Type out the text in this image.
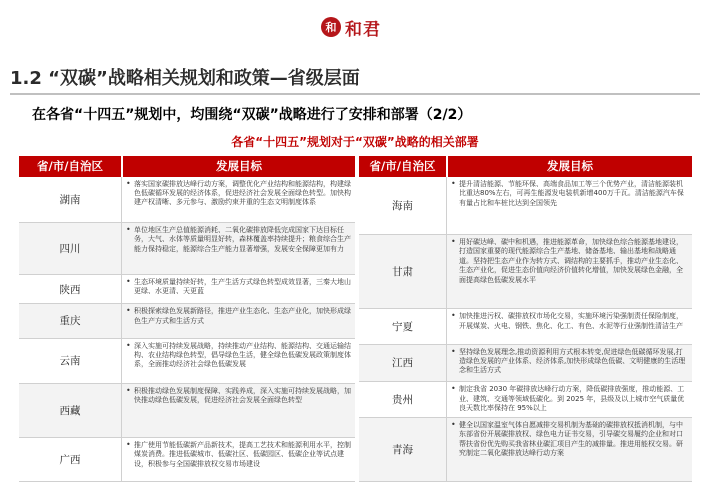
和 和君
1.2 “双碳”战略相关规划和政策—省级层面
在各省“十四五”规划中，均围绕“双碳”战略进行了安排和部署（2/2）
各省“十四五”规划对于“双碳”战略的相关部署
省/市/自治区	发展目标
湖南
• 落实国家碳排放达峰行动方案，调整优化产业结构和能源结构，构建绿色低碳循环发展的经济体系，促进经济社会发展全面绿色转型。加快构建产权清晰、多元参与、激励约束并重的生态文明制度体系
四川
• 单位地区生产总值能源消耗、二氧化碳排放降低完成国家下达目标任务，大气、水体等质量明显好转，森林覆盖率持续提升；粮食综合生产能力保持稳定，能源综合生产能力显著增强，发展安全保障更加有力
陕西
• 生态环境质量持续好转，生产生活方式绿色转型成效显著，三秦大地山更绿、水更清、天更蓝
重庆
• 积极探索绿色发展新路径，推进产业生态化、生态产业化，加快形成绿色生产方式和生活方式
云南
• 深入实施可持续发展战略，持续推动产业结构、能源结构、交通运输结构、农业结构绿色转型，倡导绿色生活，健全绿色低碳发展政策制度体系，全面推动经济社会绿色低碳发展
西藏
• 积极推动绿色发展制度保障、实践养成，深入实施可持续发展战略，加快推动绿色低碳发展，促进经济社会发展全面绿色转型
广西
• 推广使用节能低碳新产品新技术，提高工艺技术和能源利用水平，控制煤炭消费。推进低碳城市、低碳社区、低碳园区、低碳企业等试点建设，积极参与全国碳排放权交易市场建设
省/市/自治区	发展目标
海南
• 提升清洁能源、节能环保、高端食品加工等三个优势产业，清洁能源装机比重达80%左右，可再生能源发电装机新增400万千瓦。清洁能源汽车保有量占比和车桩比达到全国领先
甘肃
• 用好碳达峰、碳中和机遇，推进能源革命，加快绿色综合能源基地建设，打造国家重要的现代能源综合生产基地、储备基地、输出基地和战略通道。坚持把生态产业作为转方式、调结构的主要抓手，推动产业生态化、生态产业化，促进生态价值向经济价值转化增值，加快发展绿色金融，全面提高绿色低碳发展水平
宁夏
• 加快推进污权、碳排放权市场化交易，实施环境污染强制责任保险制度，开展煤炭、火电、钢铁、焦化、化工、有色、水泥等行业强制性清洁生产
江西
• 坚持绿色发展理念,推动资源利用方式根本转变,促进绿色低碳循环发展,打造绿色发展的产业体系、经济体系,加快形成绿色低碳、文明健康的生活理念和生活方式
贵州
• 制定我省 2030 年碳排放达峰行动方案，降低碳排放强度，推动能源、工业、建筑、交通等领域低碳化。到 2025 年，县级及以上城市空气质量优良天数比率保持在 95%以上
青海
• 健全以国家温室气体自愿减排交易机制为基础的碳排放权抵消机制，与中东部省份开展碳排放权、绿色电力证书交易，引导碳交易履约企业和对口帮扶省份优先购买我省林业碳汇项目产生的减排量。推进用能权交易。研究制定二氧化碳排放达峰行动方案
